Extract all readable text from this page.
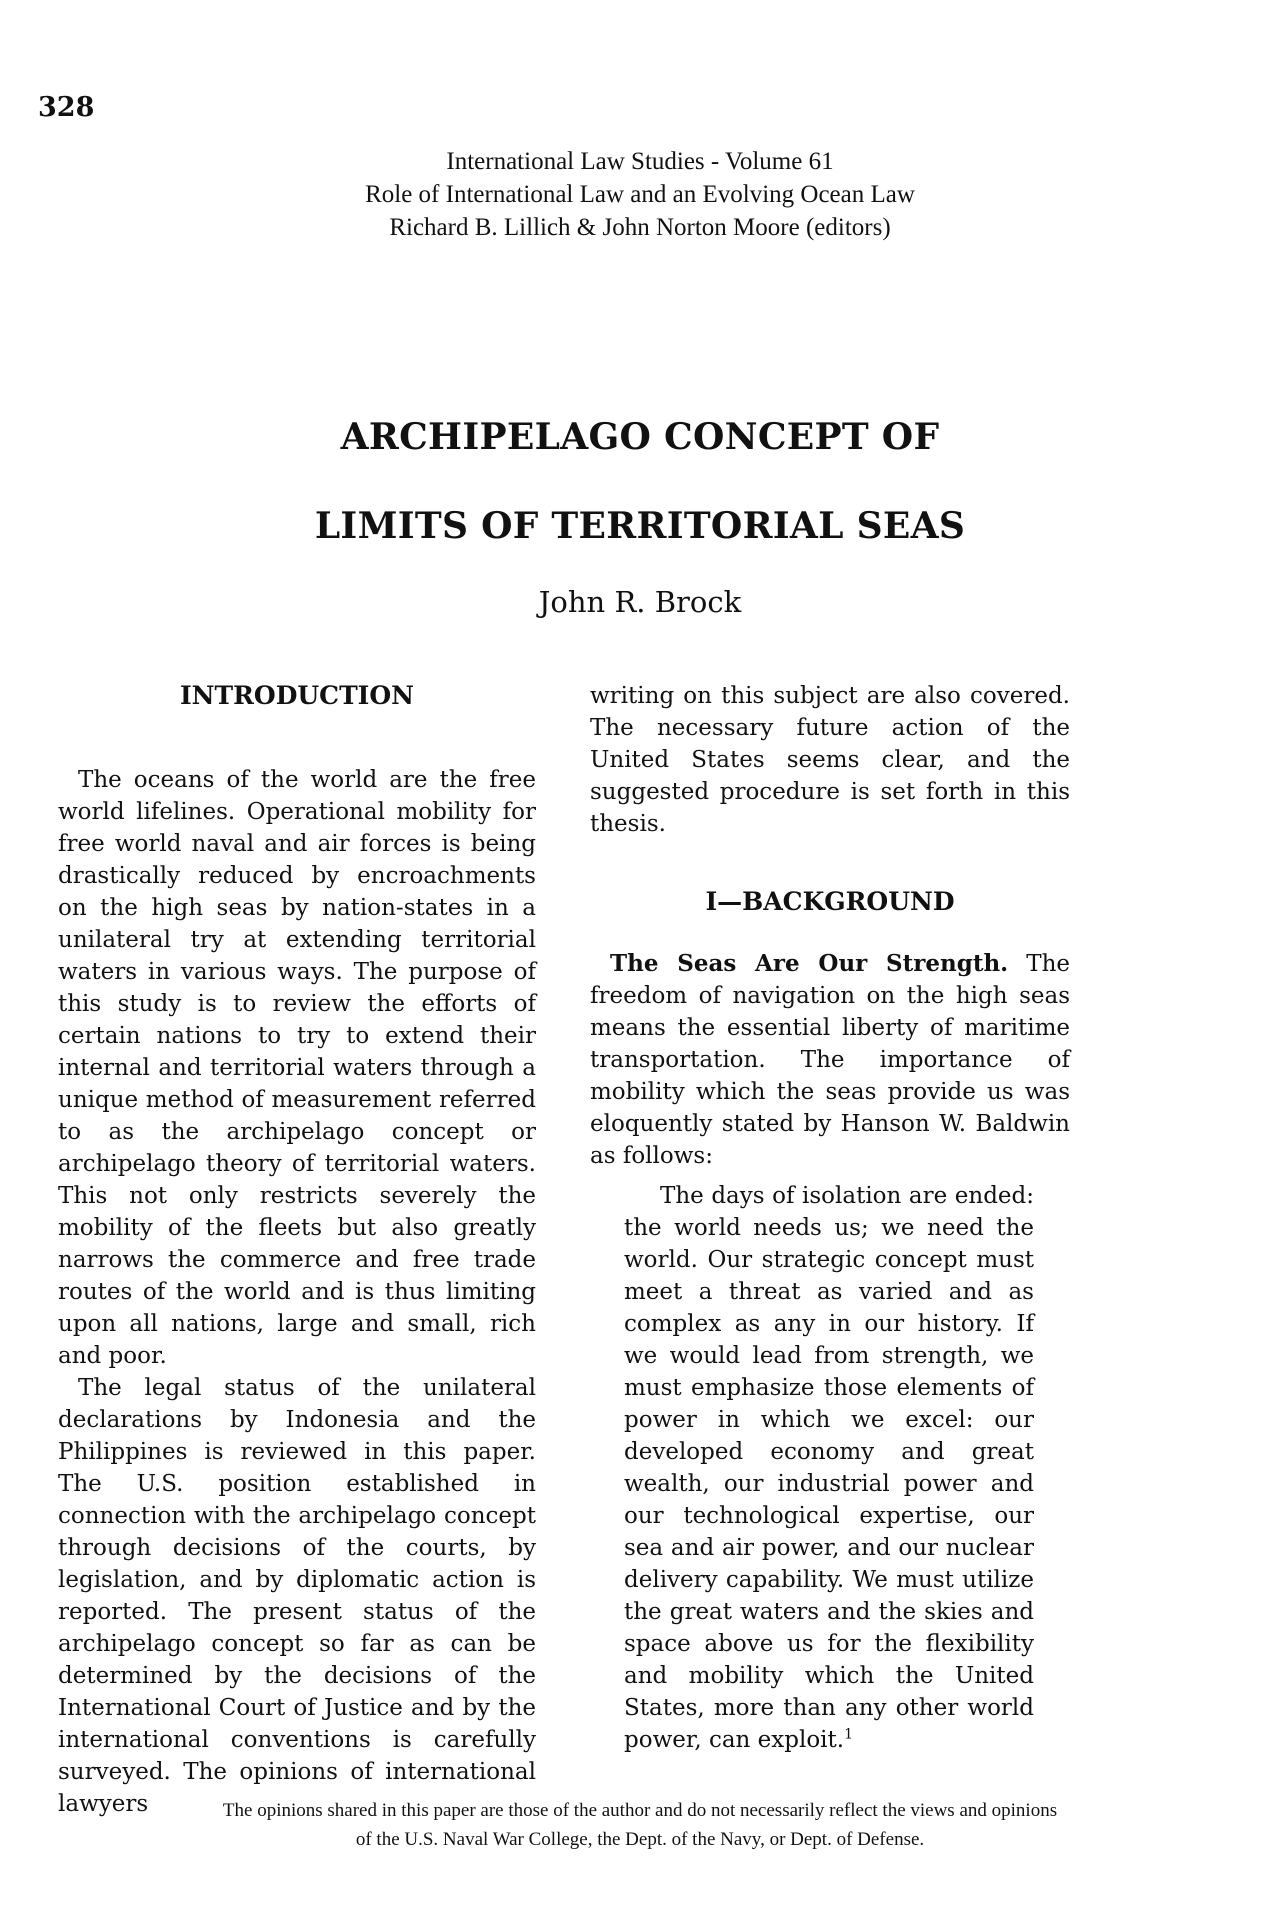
328
International Law Studies - Volume 61
Role of International Law and an Evolving Ocean Law
Richard B. Lillich & John Norton Moore (editors)
ARCHIPELAGO CONCEPT OF
LIMITS OF TERRITORIAL SEAS
John R. Brock
INTRODUCTION

The oceans of the world are the free world lifelines. Operational mobility for free world naval and air forces is being drastically reduced by encroachments on the high seas by nation-states in a unilateral try at extending territorial waters in various ways. The purpose of this study is to review the efforts of certain nations to try to extend their internal and territorial waters through a unique method of measurement referred to as the archipelago concept or archipelago theory of territorial waters. This not only restricts severely the mobility of the fleets but also greatly narrows the commerce and free trade routes of the world and is thus limiting upon all nations, large and small, rich and poor.

The legal status of the unilateral declarations by Indonesia and the Philippines is reviewed in this paper. The U.S. position established in connection with the archipelago concept through decisions of the courts, by legislation, and by diplomatic action is reported. The present status of the archipelago concept so far as can be determined by the decisions of the International Court of Justice and by the international conventions is carefully surveyed. The opinions of international lawyers

writing on this subject are also covered. The necessary future action of the United States seems clear, and the suggested procedure is set forth in this thesis.

I—BACKGROUND

The Seas Are Our Strength. The freedom of navigation on the high seas means the essential liberty of maritime transportation. The importance of mobility which the seas provide us was eloquently stated by Hanson W. Baldwin as follows:

The days of isolation are ended: the world needs us; we need the world. Our strategic concept must meet a threat as varied and as complex as any in our history. If we would lead from strength, we must emphasize those elements of power in which we excel: our developed economy and great wealth, our industrial power and our technological expertise, our sea and air power, and our nuclear delivery capability. We must utilize the great waters and the skies and space above us for the flexibility and mobility which the United States, more than any other world power, can exploit.$^1$
The opinions shared in this paper are those of the author and do not necessarily reflect the views and opinions
of the U.S. Naval War College, the Dept. of the Navy, or Dept. of Defense.
